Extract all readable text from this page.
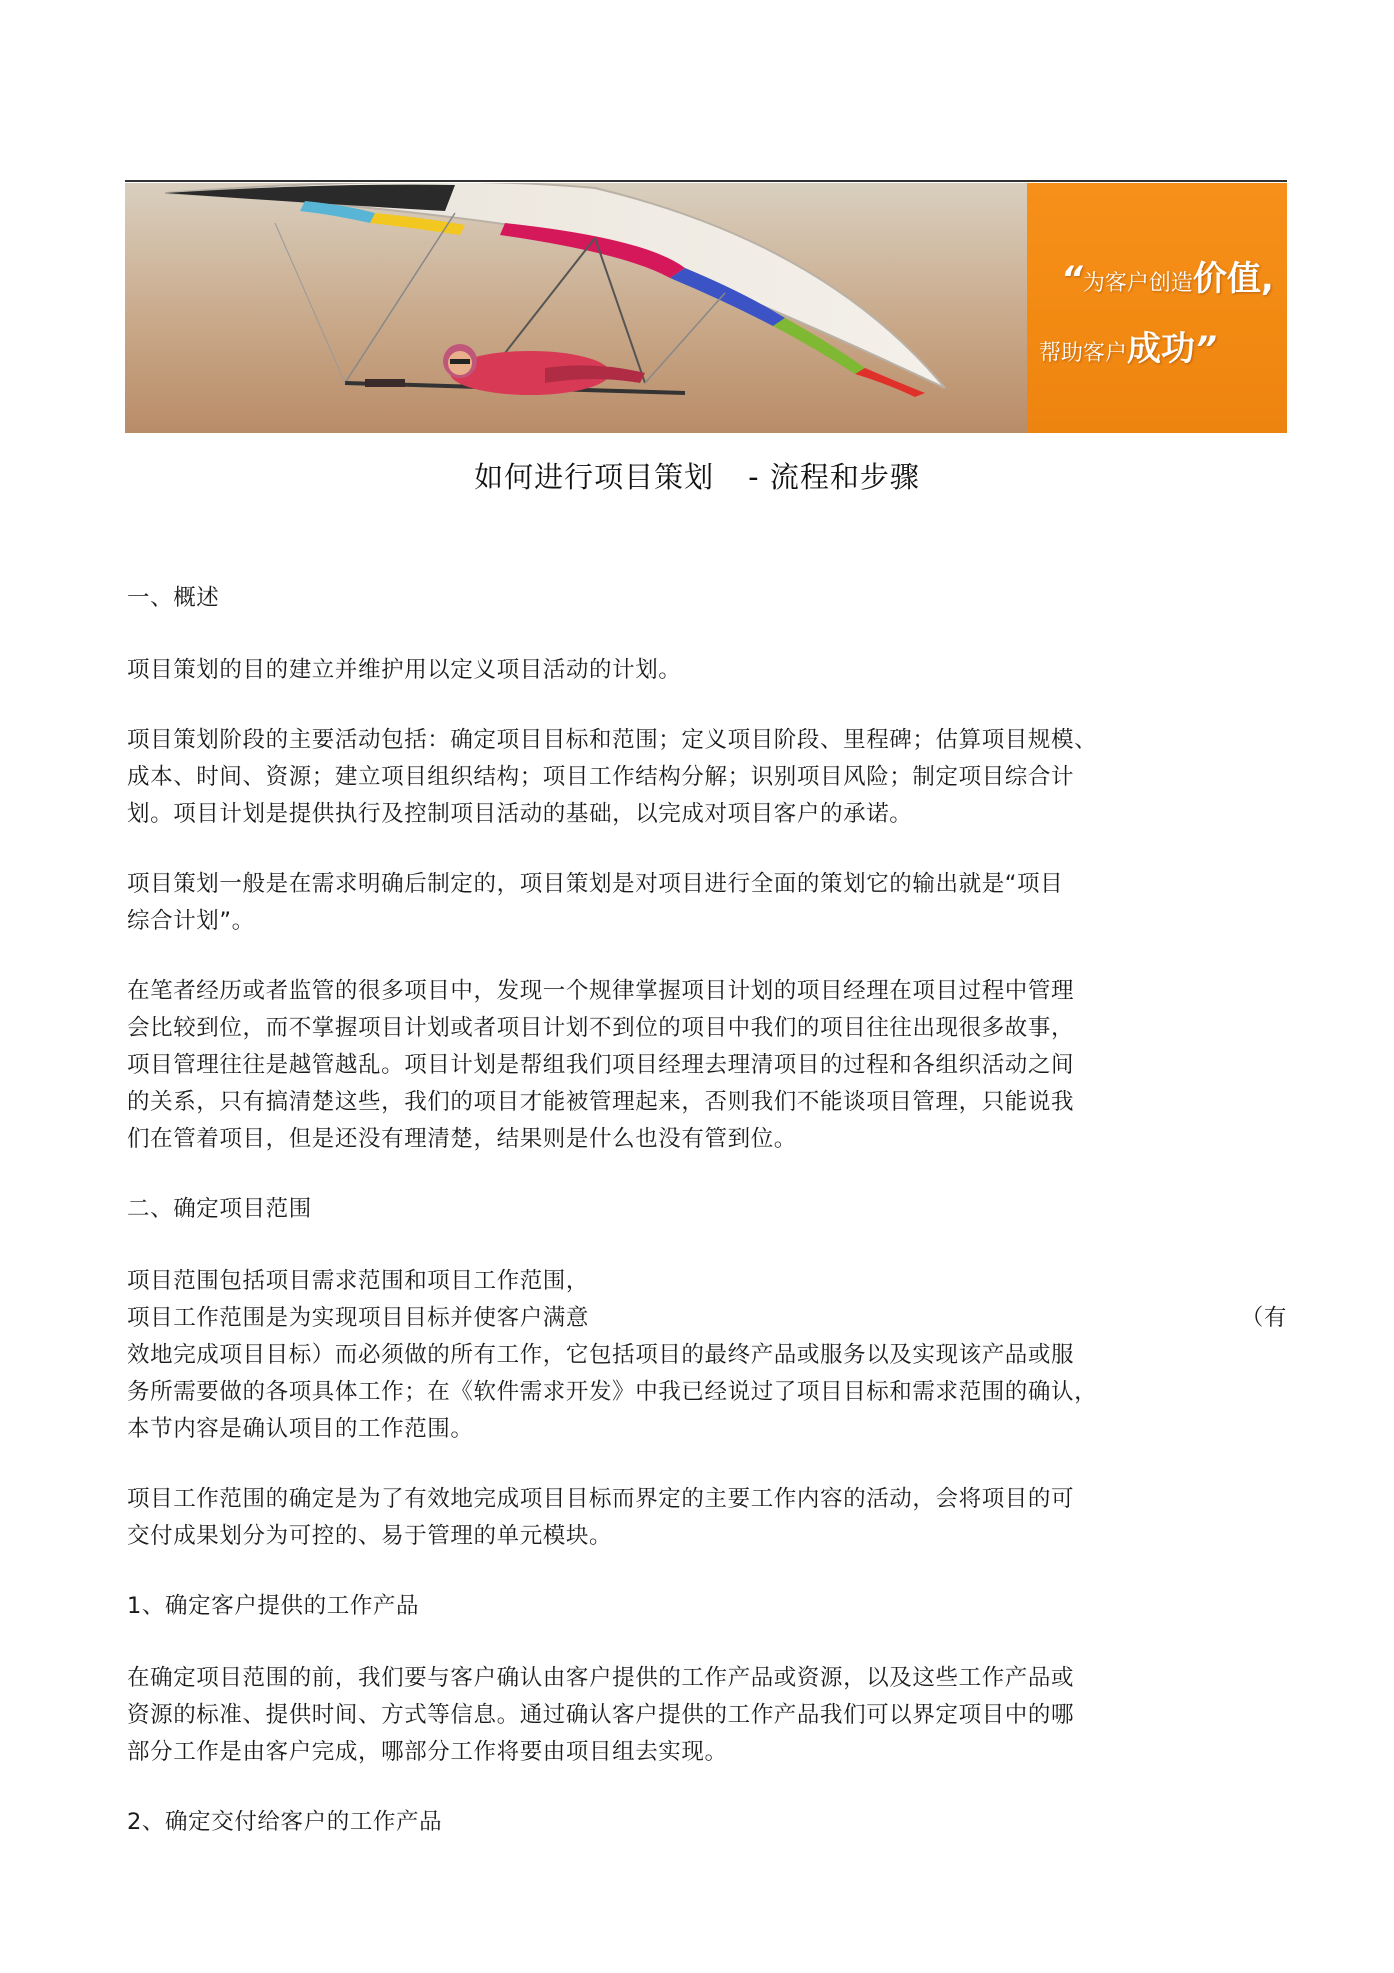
“为客户创造价值,
帮助客户成功”
如何进行项目策划 - 流程和步骤

一、概述

项目策划的目的建立并维护用以定义项目活动的计划。

项目策划阶段的主要活动包括：确定项目目标和范围；定义项目阶段、里程碑；估算项目规模、
成本、时间、资源；建立项目组织结构；项目工作结构分解；识别项目风险；制定项目综合计
划。项目计划是提供执行及控制项目活动的基础，以完成对项目客户的承诺。

项目策划一般是在需求明确后制定的，项目策划是对项目进行全面的策划它的输出就是“项目
综合计划”。

在笔者经历或者监管的很多项目中，发现一个规律掌握项目计划的项目经理在项目过程中管理
会比较到位，而不掌握项目计划或者项目计划不到位的项目中我们的项目往往出现很多故事，
项目管理往往是越管越乱。项目计划是帮组我们项目经理去理清项目的过程和各组织活动之间
的关系，只有搞清楚这些，我们的项目才能被管理起来，否则我们不能谈项目管理，只能说我
们在管着项目，但是还没有理清楚，结果则是什么也没有管到位。

二、确定项目范围

项目范围包括项目需求范围和项目工作范围，
项目工作范围是为实现项目目标并使客户满意	（有
效地完成项目目标）而必须做的所有工作，它包括项目的最终产品或服务以及实现该产品或服
务所需要做的各项具体工作；在《软件需求开发》中我已经说过了项目目标和需求范围的确认，
本节内容是确认项目的工作范围。

项目工作范围的确定是为了有效地完成项目目标而界定的主要工作内容的活动，会将项目的可
交付成果划分为可控的、易于管理的单元模块。

1、确定客户提供的工作产品

在确定项目范围的前，我们要与客户确认由客户提供的工作产品或资源，以及这些工作产品或
资源的标准、提供时间、方式等信息。通过确认客户提供的工作产品我们可以界定项目中的哪
部分工作是由客户完成，哪部分工作将要由项目组去实现。

2、确定交付给客户的工作产品
